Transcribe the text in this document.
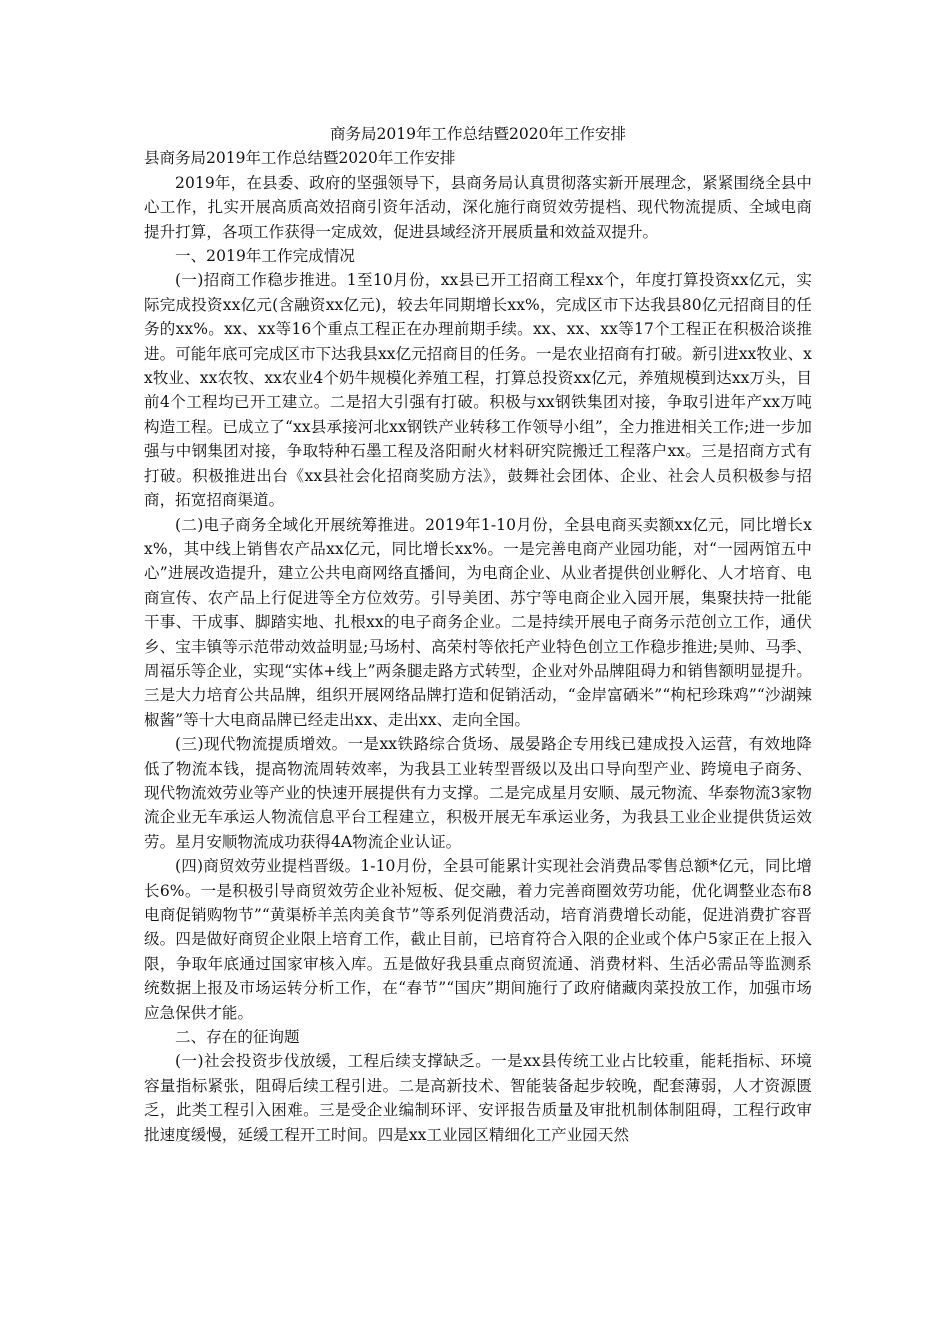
商务局2019年工作总结暨2020年工作安排

县商务局2019年工作总结暨2020年工作安排

2019年，在县委、政府的坚强领导下，县商务局认真贯彻落实新开展理念，紧紧围绕全县中心工作，扎实开展高质高效招商引资年活动，深化施行商贸效劳提档、现代物流提质、全域电商提升打算，各项工作获得一定成效，促进县域经济开展质量和效益双提升。

一、2019年工作完成情况

(一)招商工作稳步推进。1至10月份，xx县已开工招商工程xx个，年度打算投资xx亿元，实际完成投资xx亿元(含融资xx亿元)，较去年同期增长xx%，完成区市下达我县80亿元招商目的任务的xx%。xx、xx等16个重点工程正在办理前期手续。xx、xx、xx等17个工程正在积极洽谈推进。可能年底可完成区市下达我县xx亿元招商目的任务。一是农业招商有打破。新引进xx牧业、xx牧业、xx农牧、xx农业4个奶牛规模化养殖工程，打算总投资xx亿元，养殖规模到达xx万头，目前4个工程均已开工建立。二是招大引强有打破。积极与xx钢铁集团对接，争取引进年产xx万吨构造工程。已成立了“xx县承接河北xx钢铁产业转移工作领导小组”，全力推进相关工作;进一步加强与中钢集团对接，争取特种石墨工程及洛阳耐火材料研究院搬迁工程落户xx。三是招商方式有打破。积极推进出台《xx县社会化招商奖励方法》，鼓舞社会团体、企业、社会人员积极参与招商，拓宽招商渠道。

(二)电子商务全域化开展统筹推进。2019年1-10月份，全县电商买卖额xx亿元，同比增长xx%，其中线上销售农产品xx亿元，同比增长xx%。一是完善电商产业园功能，对“一园两馆五中心”进展改造提升，建立公共电商网络直播间，为电商企业、从业者提供创业孵化、人才培育、电商宣传、农产品上行促进等全方位效劳。引导美团、苏宁等电商企业入园开展，集聚扶持一批能干事、干成事、脚踏实地、扎根xx的电子商务企业。二是持续开展电子商务示范创立工作，通伏乡、宝丰镇等示范带动效益明显;马场村、高荣村等依托产业特色创立工作稳步推进;昊帅、马季、周福乐等企业，实现“实体+线上”两条腿走路方式转型，企业对外品牌阻碍力和销售额明显提升。三是大力培育公共品牌，组织开展网络品牌打造和促销活动，“金岸富硒米”“枸杞珍珠鸡”“沙湖辣椒酱”等十大电商品牌已经走出xx、走出xx、走向全国。

(三)现代物流提质增效。一是xx铁路综合货场、晟晏路企专用线已建成投入运营，有效地降低了物流本钱，提高物流周转效率，为我县工业转型晋级以及出口导向型产业、跨境电子商务、现代物流效劳业等产业的快速开展提供有力支撑。二是完成星月安顺、晟元物流、华泰物流3家物流企业无车承运人物流信息平台工程建立，积极开展无车承运业务，为我县工业企业提供货运效劳。星月安顺物流成功获得4A物流企业认证。

(四)商贸效劳业提档晋级。1-10月份，全县可能累计实现社会消费品零售总额*亿元，同比增长6%。一是积极引导商贸效劳企业补短板、促交融，着力完善商圈效劳功能，优化调整业态布8电商促销购物节”“黄渠桥羊羔肉美食节”等系列促消费活动，培育消费增长动能，促进消费扩容晋级。四是做好商贸企业限上培育工作，截止目前，已培育符合入限的企业或个体户5家正在上报入限，争取年底通过国家审核入库。五是做好我县重点商贸流通、消费材料、生活必需品等监测系统数据上报及市场运转分析工作，在“春节”“国庆”期间施行了政府储藏肉菜投放工作，加强市场应急保供才能。

二、存在的征询题

(一)社会投资步伐放缓，工程后续支撑缺乏。一是xx县传统工业占比较重，能耗指标、环境容量指标紧张，阻碍后续工程引进。二是高新技术、智能装备起步较晚，配套薄弱，人才资源匮乏，此类工程引入困难。三是受企业编制环评、安评报告质量及审批机制体制阻碍，工程行政审批速度缓慢，延缓工程开工时间。四是xx工业园区精细化工产业园天然
